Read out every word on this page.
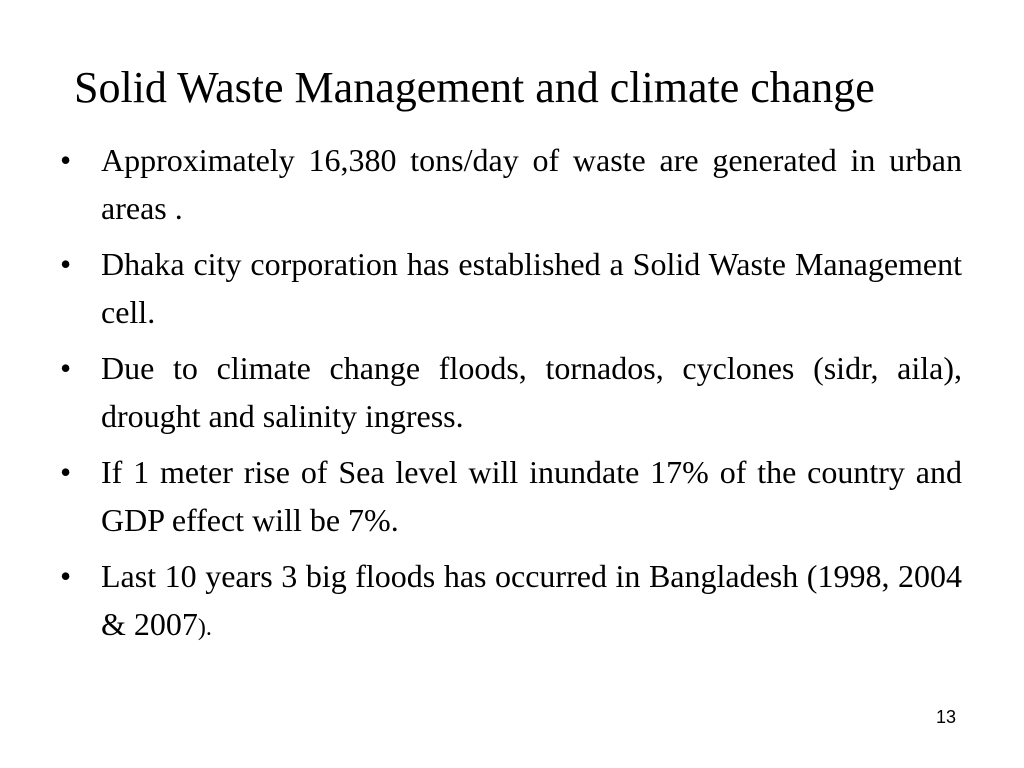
Solid Waste Management and climate change
• Approximately 16,380 tons/day of waste are generated in urban areas .
• Dhaka city corporation has established a Solid Waste Management cell.
• Due to climate change floods, tornados, cyclones (sidr, aila), drought and salinity ingress.
• If 1 meter rise of Sea level will inundate 17% of the country and GDP effect will be 7%.
• Last 10 years 3 big floods has occurred in Bangladesh (1998, 2004 & 2007).
13
